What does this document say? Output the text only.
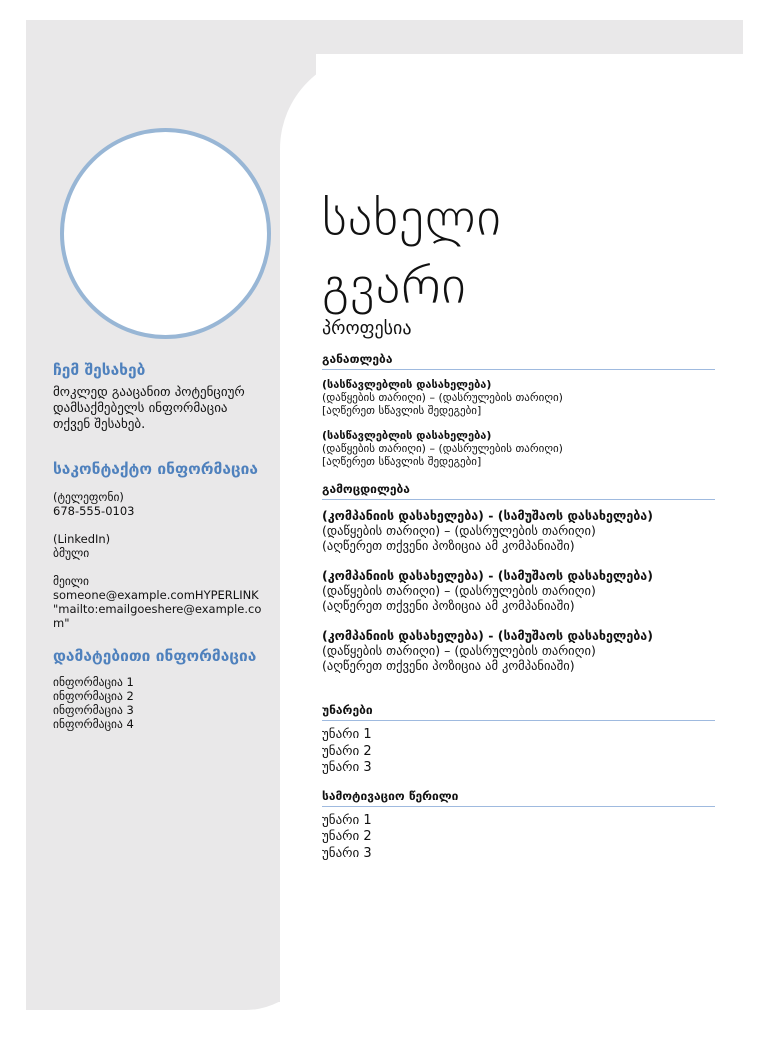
ჩემ შესახებ

მოკლედ გააცანით პოტენციურ დამსაქმებელს ინფორმაცია თქვენ შესახებ.

საკონტაქტო ინფორმაცია

(ტელეფონი)

678-555-0103

(LinkedIn)

ბმული

მეილი

someone@example.comHYPERLINK "mailto:emailgoeshere@example.com"

დამატებითი ინფორმაცია

ინფორმაცია 1

ინფორმაცია 2

ინფორმაცია 3

ინფორმაცია 4

სახელი
გვარი
პროფესია
განათლება
(სასწავლებლის დასახელება)
(დაწყების თარიღი) – (დასრულების თარიღი)
[აღწერეთ სწავლის შედეგები]
(სასწავლებლის დასახელება)
(დაწყების თარიღი) – (დასრულების თარიღი)
[აღწერეთ სწავლის შედეგები]
გამოცდილება
(კომპანიის დასახელება) - (სამუშაოს დასახელება)
(დაწყების თარიღი) – (დასრულების თარიღი)
(აღწერეთ თქვენი პოზიცია ამ კომპანიაში)
(კომპანიის დასახელება) - (სამუშაოს დასახელება)
(დაწყების თარიღი) – (დასრულების თარიღი)
(აღწერეთ თქვენი პოზიცია ამ კომპანიაში)
(კომპანიის დასახელება) - (სამუშაოს დასახელება)
(დაწყების თარიღი) – (დასრულების თარიღი)
(აღწერეთ თქვენი პოზიცია ამ კომპანიაში)
უნარები
უნარი 1
უნარი 2
უნარი 3
სამოტივაციო წერილი
უნარი 1
უნარი 2
უნარი 3
